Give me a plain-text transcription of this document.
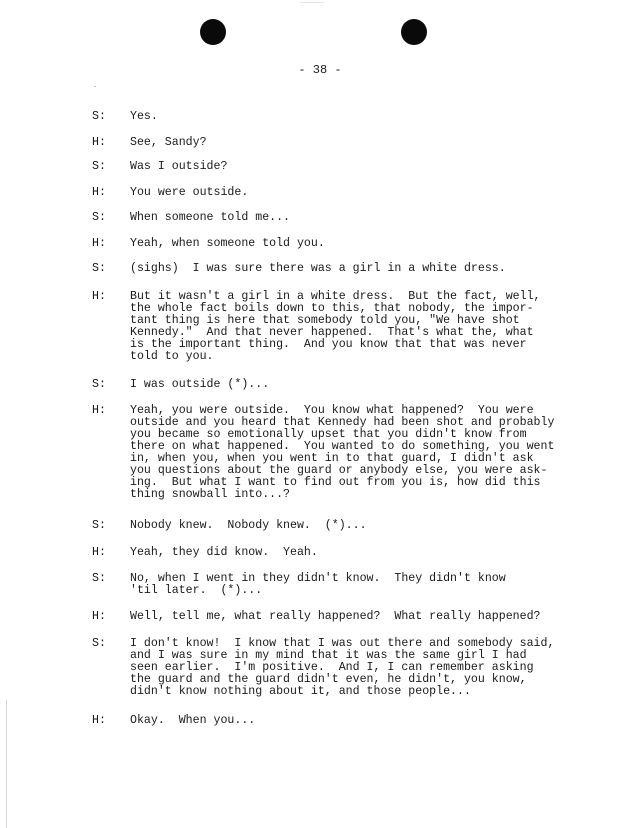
- 38 -
S: Yes.
H: See, Sandy?
S: Was I outside?
H: You were outside.
S: When someone told me...
H: Yeah, when someone told you.
S: (sighs)  I was sure there was a girl in a white dress.
H: But it wasn't a girl in a white dress.  But the fact, well,
the whole fact boils down to this, that nobody, the impor-
tant thing is here that somebody told you, "We have shot
Kennedy."  And that never happened.  That's what the, what
is the important thing.  And you know that that was never
told to you.
S: I was outside (*)...
H: Yeah, you were outside.  You know what happened?  You were
outside and you heard that Kennedy had been shot and probably
you became so emotionally upset that you didn't know from
there on what happened.  You wanted to do something, you went
in, when you, when you went in to that guard, I didn't ask
you questions about the guard or anybody else, you were ask-
ing.  But what I want to find out from you is, how did this
thing snowball into...?
S: Nobody knew.  Nobody knew.  (*)...
H: Yeah, they did know.  Yeah.
S: No, when I went in they didn't know.  They didn't know
'til later.  (*)...
H: Well, tell me, what really happened?  What really happened?
S: I don't know!  I know that I was out there and somebody said,
and I was sure in my mind that it was the same girl I had
seen earlier.  I'm positive.  And I, I can remember asking
the guard and the guard didn't even, he didn't, you know,
didn't know nothing about it, and those people...
H: Okay.  When you...
